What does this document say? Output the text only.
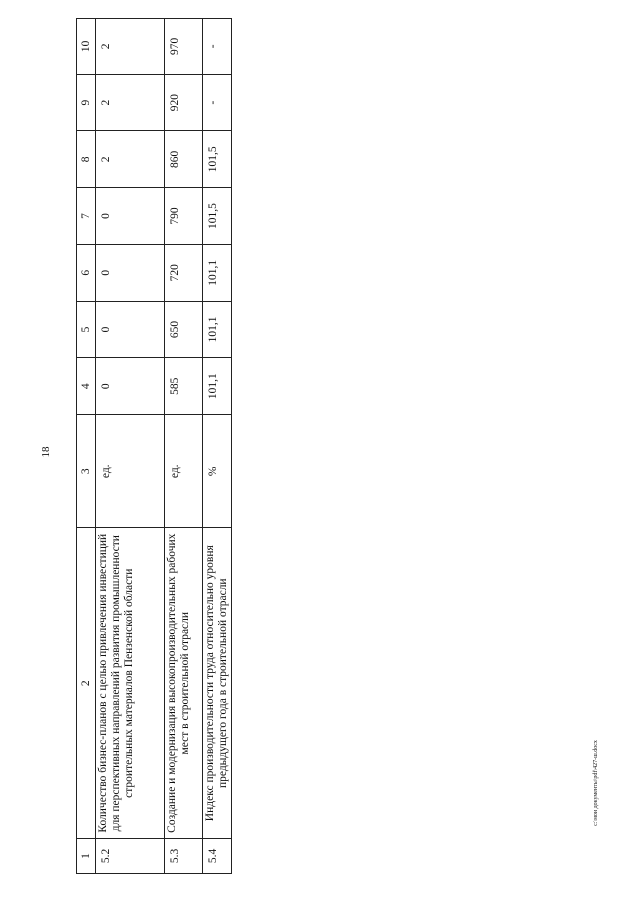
18
1	2	3	4	5	6	7	8	9	10
5.2	Количество бизнес-планов с целью привлечения инвестиций для перспективных направлений развития промышленности строительных материалов Пензенской области	ед.	0	0	0	0	2	2	2
5.3	Создание и модернизация высокопроизводительных рабочих мест в строительной отрасли	ед.	585	650	720	790	860	920	970
5.4	Индекс производительности труда относительно уровня предыдущего года в строительной отрасли	%	101,1	101,1	101,1	101,5	101,5	-	-
c:\мои документы\pdf\427-ш.docx
